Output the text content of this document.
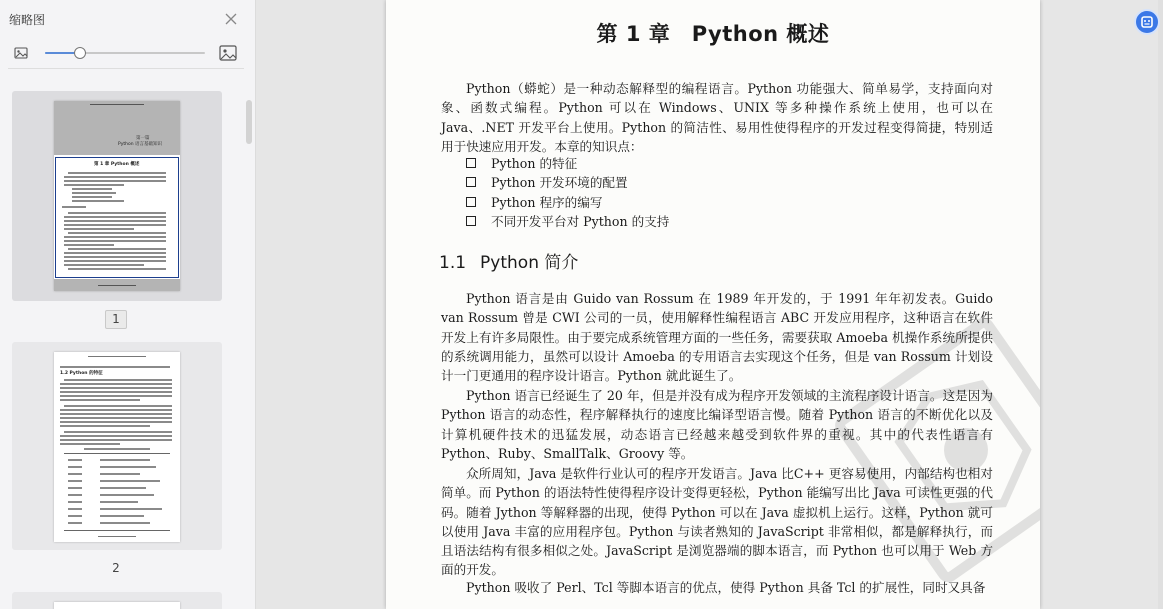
缩略图
第一篇
Python 语言基础知识
第 1 章 Python 概述
1
1.2 Python 的特征
2
第 1 章　Python 概述

Python（蟒蛇）是一种动态解释型的编程语言。Python 功能强大、简单易学，支持面向对象、函数式编程。Python 可以在 Windows、UNIX 等多种操作系统上使用，也可以在 Java、.NET 开发平台上使用。Python 的简洁性、易用性使得程序的开发过程变得简捷，特别适用于快速应用开发。本章的知识点：

Python 的特征
Python 开发环境的配置
Python 程序的编写
不同开发平台对 Python 的支持
1.1 Python 简介

Python 语言是由 Guido van Rossum 在 1989 年开发的，于 1991 年年初发表。Guido van Rossum 曾是 CWI 公司的一员，使用解释性编程语言 ABC 开发应用程序，这种语言在软件开发上有许多局限性。由于要完成系统管理方面的一些任务，需要获取 Amoeba 机操作系统所提供的系统调用能力，虽然可以设计 Amoeba 的专用语言去实现这个任务，但是 van Rossum 计划设计一门更通用的程序设计语言。Python 就此诞生了。

Python 语言已经诞生了 20 年，但是并没有成为程序开发领域的主流程序设计语言。这是因为 Python 语言的动态性，程序解释执行的速度比编译型语言慢。随着 Python 语言的不断优化以及计算机硬件技术的迅猛发展，动态语言已经越来越受到软件界的重视。其中的代表性语言有 Python、Ruby、SmallTalk、Groovy 等。

众所周知，Java 是软件行业认可的程序开发语言。Java 比C++ 更容易使用，内部结构也相对简单。而 Python 的语法特性使得程序设计变得更轻松，Python 能编写出比 Java 可读性更强的代码。随着 Jython 等解释器的出现，使得 Python 可以在 Java 虚拟机上运行。这样，Python 就可以使用 Java 丰富的应用程序包。Python 与读者熟知的 JavaScript 非常相似，都是解释执行，而且语法结构有很多相似之处。JavaScript 是浏览器端的脚本语言，而 Python 也可以用于 Web 方面的开发。

Python 吸收了 Perl、Tcl 等脚本语言的优点，使得 Python 具备 Tcl 的扩展性，同时又具备
